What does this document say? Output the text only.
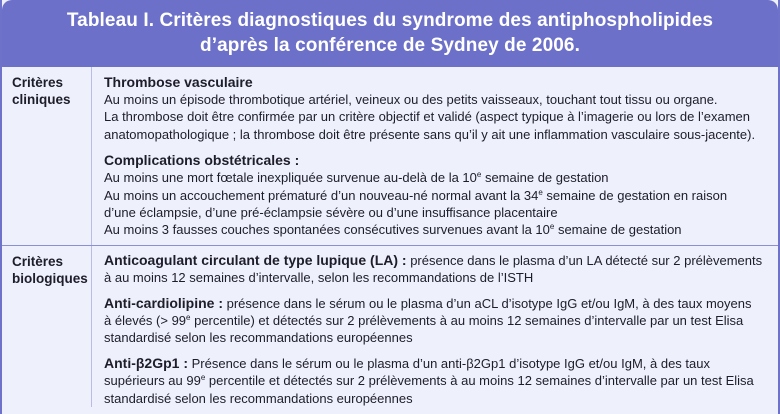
Tableau I. Critères diagnostiques du syndrome des antiphospholipides
d’après la conférence de Sydney de 2006.
Critères
cliniques
Thrombose vasculaire
Au moins un épisode thrombotique artériel, veineux ou des petits vaisseaux, touchant tout tissu ou organe.
La thrombose doit être confirmée par un critère objectif et validé (aspect typique à l’imagerie ou lors de l’examen
anatomopathologique ; la thrombose doit être présente sans qu’il y ait une inflammation vasculaire sous-jacente).
Complications obstétricales :
Au moins une mort fœtale inexpliquée survenue au-delà de la 10e semaine de gestation
Au moins un accouchement prématuré d’un nouveau-né normal avant la 34e semaine de gestation en raison
d’une éclampsie, d’une pré-éclampsie sévère ou d’une insuffisance placentaire
Au moins 3 fausses couches spontanées consécutives survenues avant la 10e semaine de gestation
Critères
biologiques
Anticoagulant circulant de type lupique (LA) : présence dans le plasma d’un LA détecté sur 2 prélèvements
à au moins 12 semaines d’intervalle, selon les recommandations de l’ISTH
Anti-cardiolipine : présence dans le sérum ou le plasma d’un aCL d’isotype IgG et/ou IgM, à des taux moyens
à élevés (> $99^e$ percentile) et détectés sur 2 prélèvements à au moins 12 semaines d’intervalle par un test Elisa
standardisé selon les recommandations européennes
Anti-β2Gp1 : Présence dans le sérum ou le plasma d’un anti-β2Gp1 d’isotype IgG et/ou IgM, à des taux
supérieurs au 99e percentile et détectés sur 2 prélèvements à au moins 12 semaines d’intervalle par un test Elisa
standardisé selon les recommandations européennes
